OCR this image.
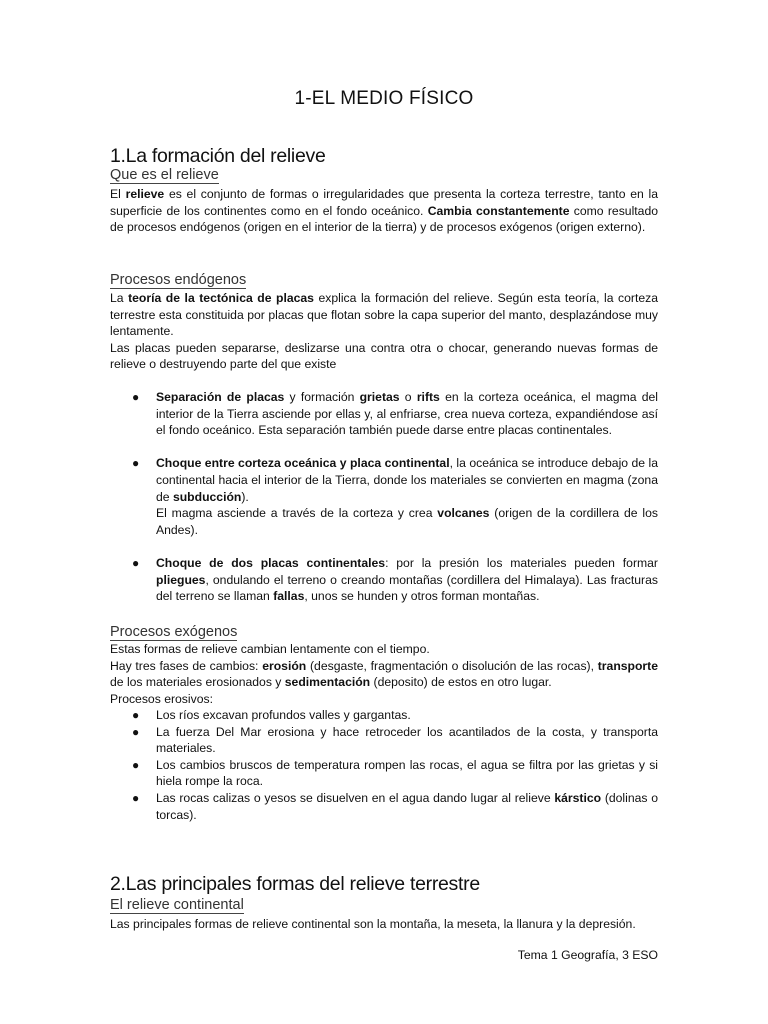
1-EL MEDIO FÍSICO
1.La formación del relieve
Que es el relieve
El relieve es el conjunto de formas o irregularidades que presenta la corteza terrestre, tanto en la superficie de los continentes como en el fondo oceánico. Cambia constantemente como resultado de procesos endógenos (origen en el interior de la tierra) y de procesos exógenos (origen externo).
Procesos endógenos
La teoría de la tectónica de placas explica la formación del relieve. Según esta teoría, la corteza terrestre esta constituida por placas que flotan sobre la capa superior del manto, desplazándose muy lentamente.
Las placas pueden separarse, deslizarse una contra otra o chocar, generando nuevas formas de relieve o destruyendo parte del que existe
● Separación de placas y formación grietas o rifts en la corteza oceánica, el magma del interior de la Tierra asciende por ellas y, al enfriarse, crea nueva corteza, expandiéndose así el fondo oceánico. Esta separación también puede darse entre placas continentales.
● Choque entre corteza oceánica y placa continental, la oceánica se introduce debajo de la continental hacia el interior de la Tierra, donde los materiales se convierten en magma (zona de subducción).
El magma asciende a través de la corteza y crea volcanes (origen de la cordillera de los Andes).
● Choque de dos placas continentales: por la presión los materiales pueden formar pliegues, ondulando el terreno o creando montañas (cordillera del Himalaya). Las fracturas del terreno se llaman fallas, unos se hunden y otros forman montañas.
Procesos exógenos
Estas formas de relieve cambian lentamente con el tiempo.
Hay tres fases de cambios: erosión (desgaste, fragmentación o disolución de las rocas), transporte de los materiales erosionados y sedimentación (deposito) de estos en otro lugar.
Procesos erosivos:
● Los ríos excavan profundos valles y gargantas.
● La fuerza Del Mar erosiona y hace retroceder los acantilados de la costa, y transporta materiales.
● Los cambios bruscos de temperatura rompen las rocas, el agua se filtra por las grietas y si hiela rompe la roca.
● Las rocas calizas o yesos se disuelven en el agua dando lugar al relieve kárstico (dolinas o torcas).
2.Las principales formas del relieve terrestre
El relieve continental
Las principales formas de relieve continental son la montaña, la meseta, la llanura y la depresión.
Tema 1 Geografía, 3 ESO
